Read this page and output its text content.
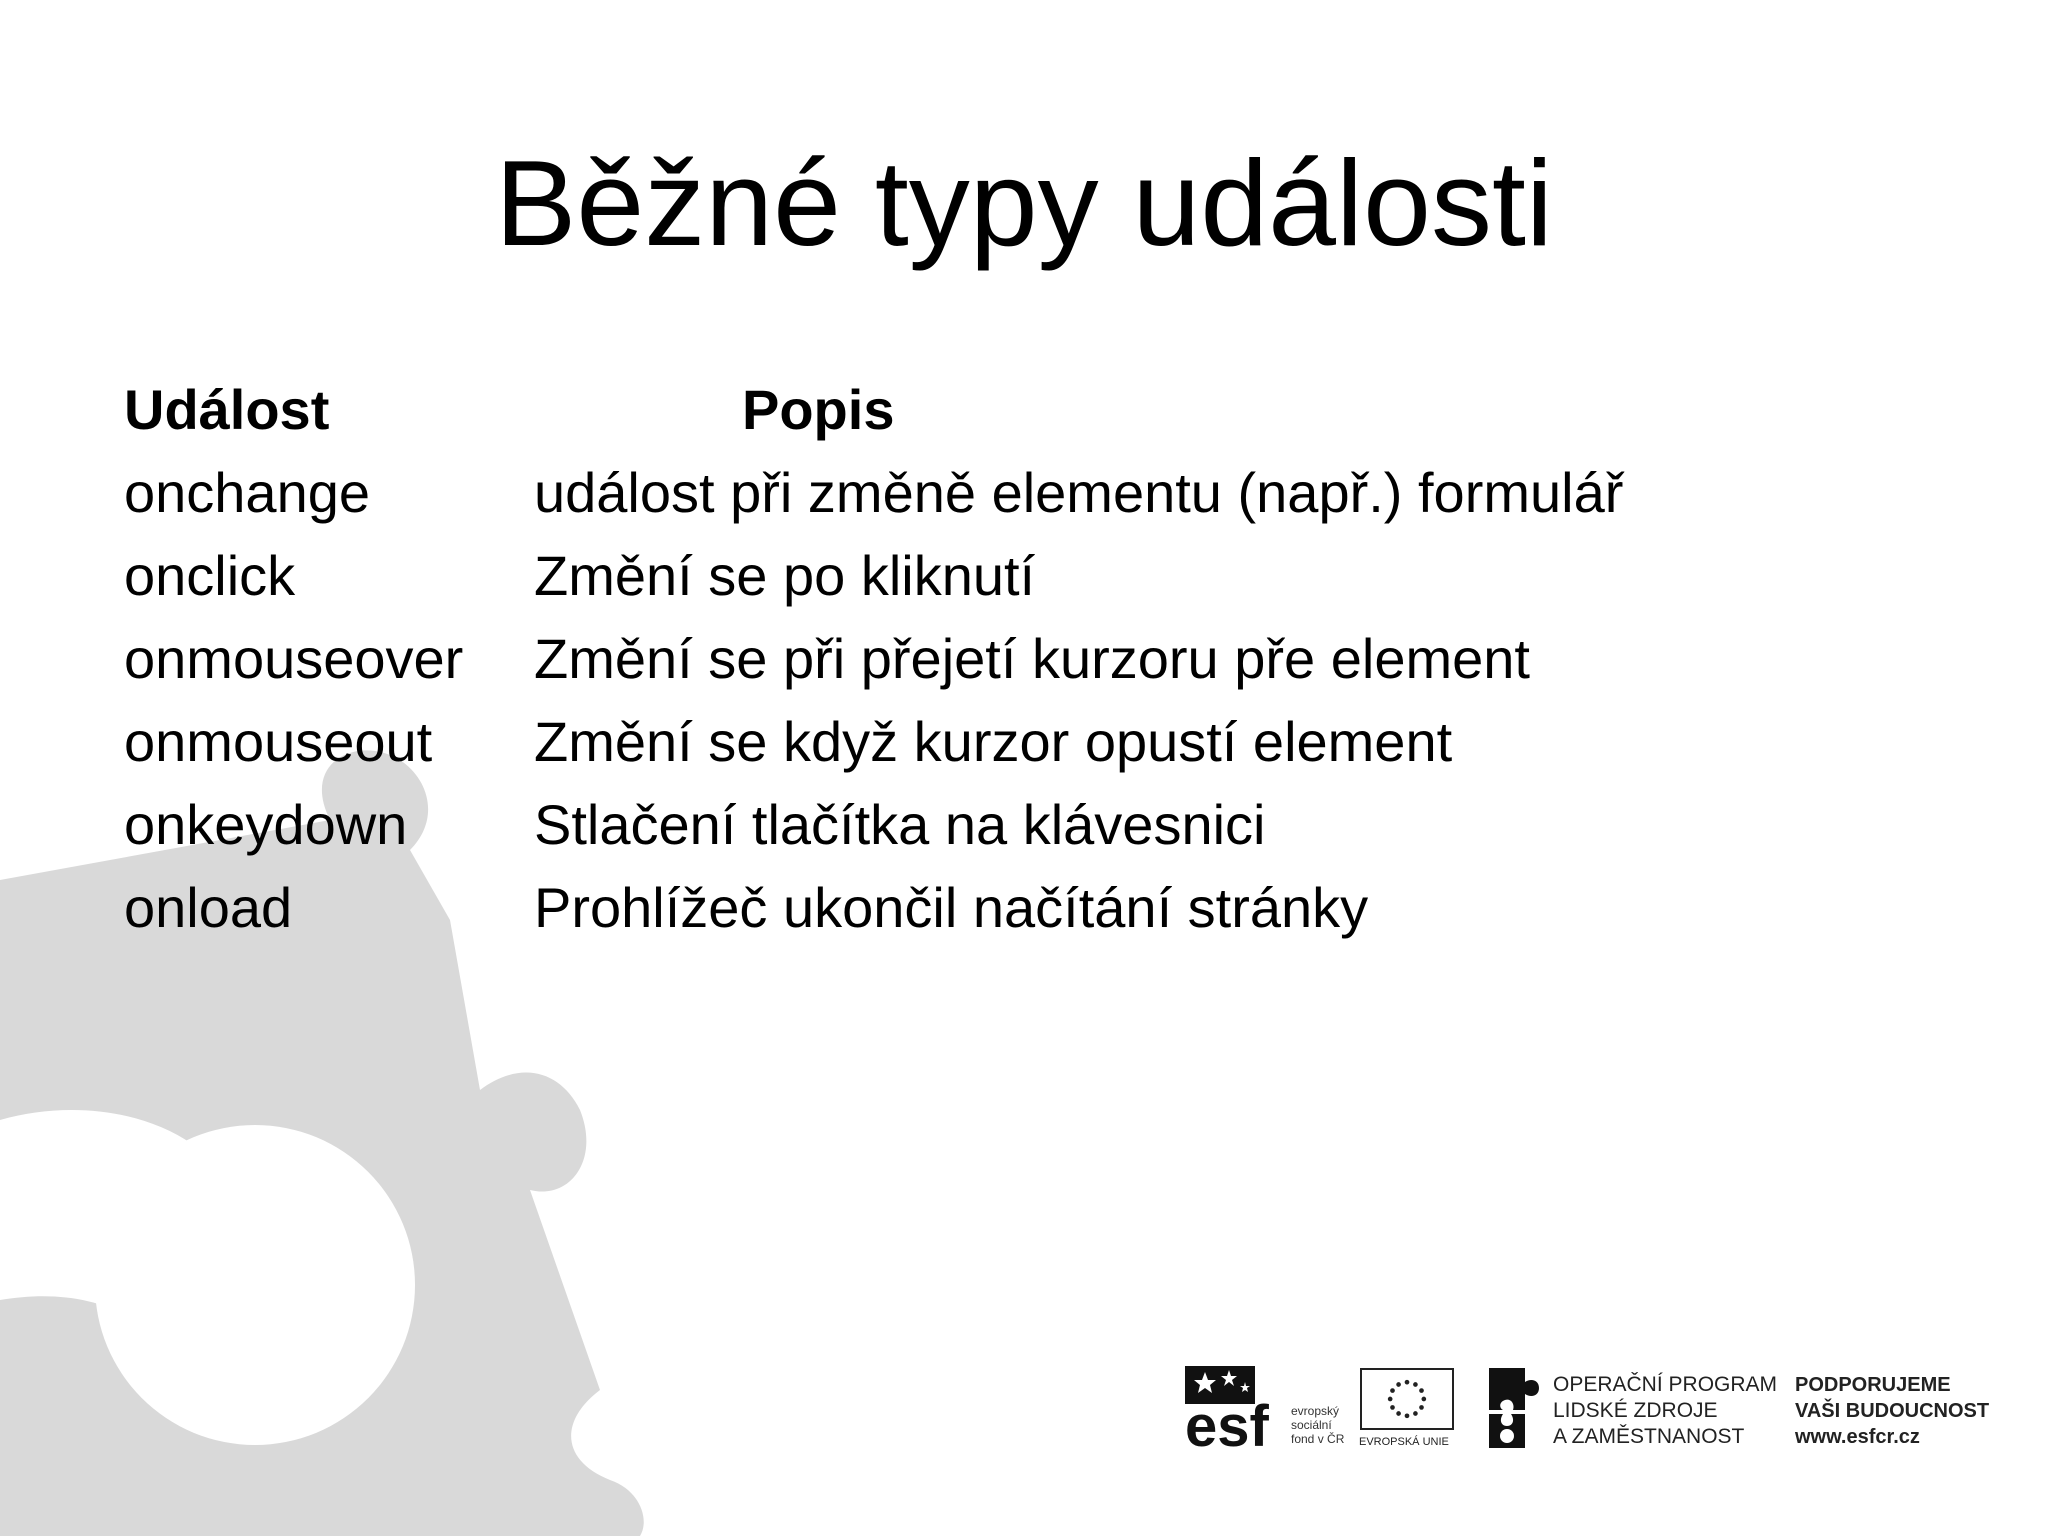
Běžné typy události
Událost	Popis
onchange	událost při změně elementu (např.) formulář
onclick	Změní se po kliknutí
onmouseover Změní se při přejetí kurzoru pře element
onmouseout Změní se když kurzor opustí element
onkeydown Stlačení tlačítka na klávesnici
onload	Prohlížeč ukončil načítání stránky
esf evropský
sociální
fond v ČR EVROPSKÁ UNIE
OPERAČNÍ PROGRAM
LIDSKÉ ZDROJE
A ZAMĚSTNANOST
PODPORUJEME
VAŠI BUDOUCNOST
www.esfcr.cz
